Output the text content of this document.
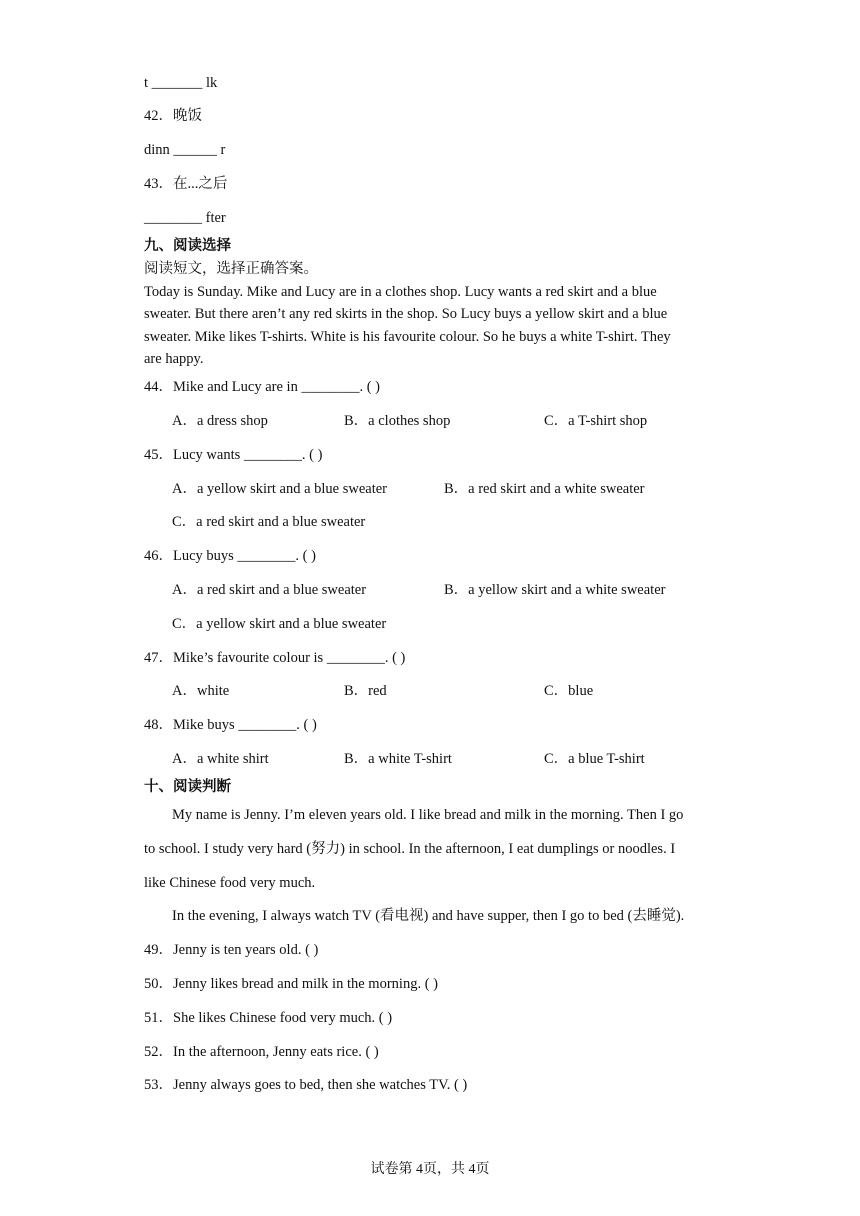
t _______ lk
42．晚饭
dinn ______ r
43．在...之后
________ fter
九、阅读选择
阅读短文，选择正确答案。
Today is Sunday. Mike and Lucy are in a clothes shop. Lucy wants a red skirt and a blue
sweater. But there aren’t any red skirts in the shop. So Lucy buys a yellow skirt and a blue
sweater. Mike likes T-shirts. White is his favourite colour. So he buys a white T-shirt. They
are happy.
44．Mike and Lucy are in ________. ( )
A．a dress shop	B．a clothes shop	C．a T-shirt shop
45．Lucy wants ________. ( )
A．a yellow skirt and a blue sweater	B．a red skirt and a white sweater
C．a red skirt and a blue sweater
46．Lucy buys ________. ( )
A．a red skirt and a blue sweater	B．a yellow skirt and a white sweater
C．a yellow skirt and a blue sweater
47．Mike’s favourite colour is ________. ( )
A．white	B．red	C．blue
48．Mike buys ________. ( )
A．a white shirt	B．a white T-shirt	C．a blue T-shirt
十、阅读判断
My name is Jenny. I’m eleven years old. I like bread and milk in the morning. Then I go
to school. I study very hard (努力) in school. In the afternoon, I eat dumplings or noodles. I
like Chinese food very much.
In the evening, I always watch TV (看电视) and have supper, then I go to bed (去睡觉).
49．Jenny is ten years old. ( )
50．Jenny likes bread and milk in the morning. ( )
51．She likes Chinese food very much. ( )
52．In the afternoon, Jenny eats rice. ( )
53．Jenny always goes to bed, then she watches TV. ( )
试卷第 4页，共 4页
